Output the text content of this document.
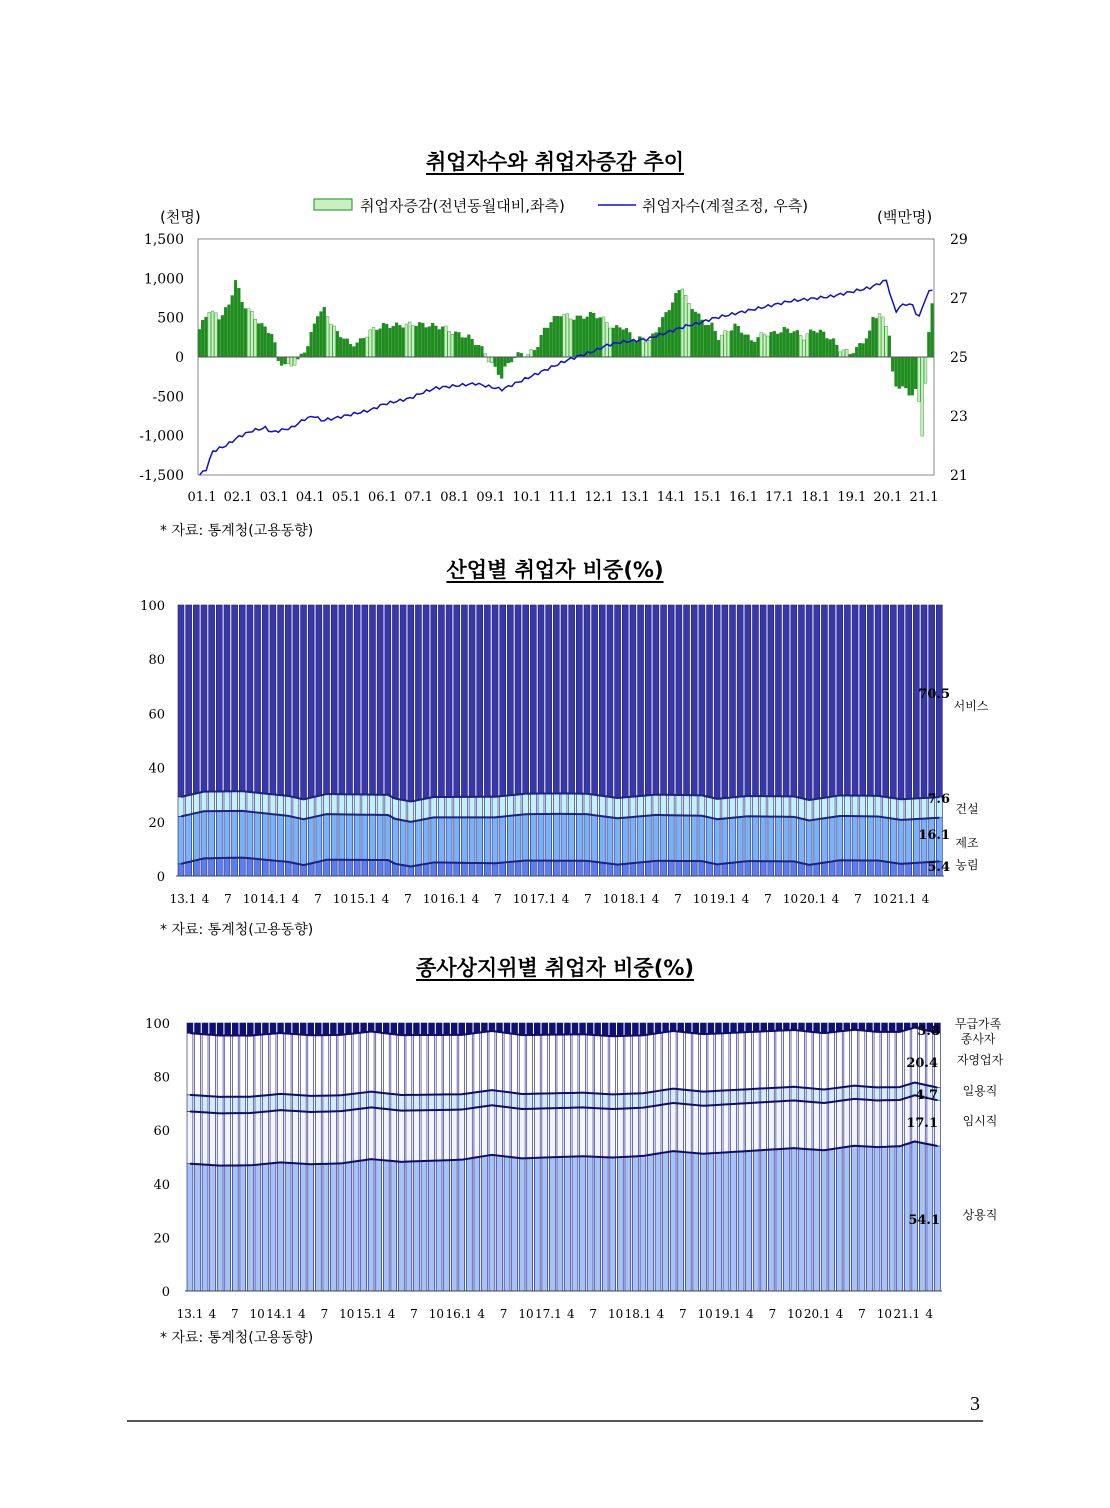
취업자수와 취업자증감 추이
취업자증감(전년동월대비,좌측)	취업자수(계절조정, 우측)
(천명)	(백만명)
1,500
1,000
500
0
-500
-1,000
-1,500
29
27
25
23
21
01.1 02.1 03.1 04.1 05.1 06.1 07.1 08.1 09.1 10.1 11.1 12.1 13.1 14.1 15.1 16.1 17.1 18.1 19.1 20.1 21.1
* 자료: 통계청(고용동향)
산업별 취업자 비중(%)
100
80
60
40
20
0
13.1 4 7 10 14.1 4 7 10 15.1 4 7 10 16.1 4 7 10 17.1 4 7 10 18.1 4 7 10 19.1 4 7 10 20.1 4 7 10 21.1 4
5.4 농림
16.1 제조
7.6
건설
70.5
서비스
* 자료: 통계청(고용동향)
종사상지위별 취업자 비중(%)
100
80
60
40
20
0
13.1 4 7 10 14.1 4 7 10 15.1 4 7 10 16.1 4 7 10 17.1 4 7 10 18.1 4 7 10 19.1 4 7 10 20.1 4 7 10 21.1 4
54.1 상용직
17.1 임시직
4.7 일용직
20.4 자영업자
3.8 무급가족
종사자
* 자료: 통계청(고용동향)
3
